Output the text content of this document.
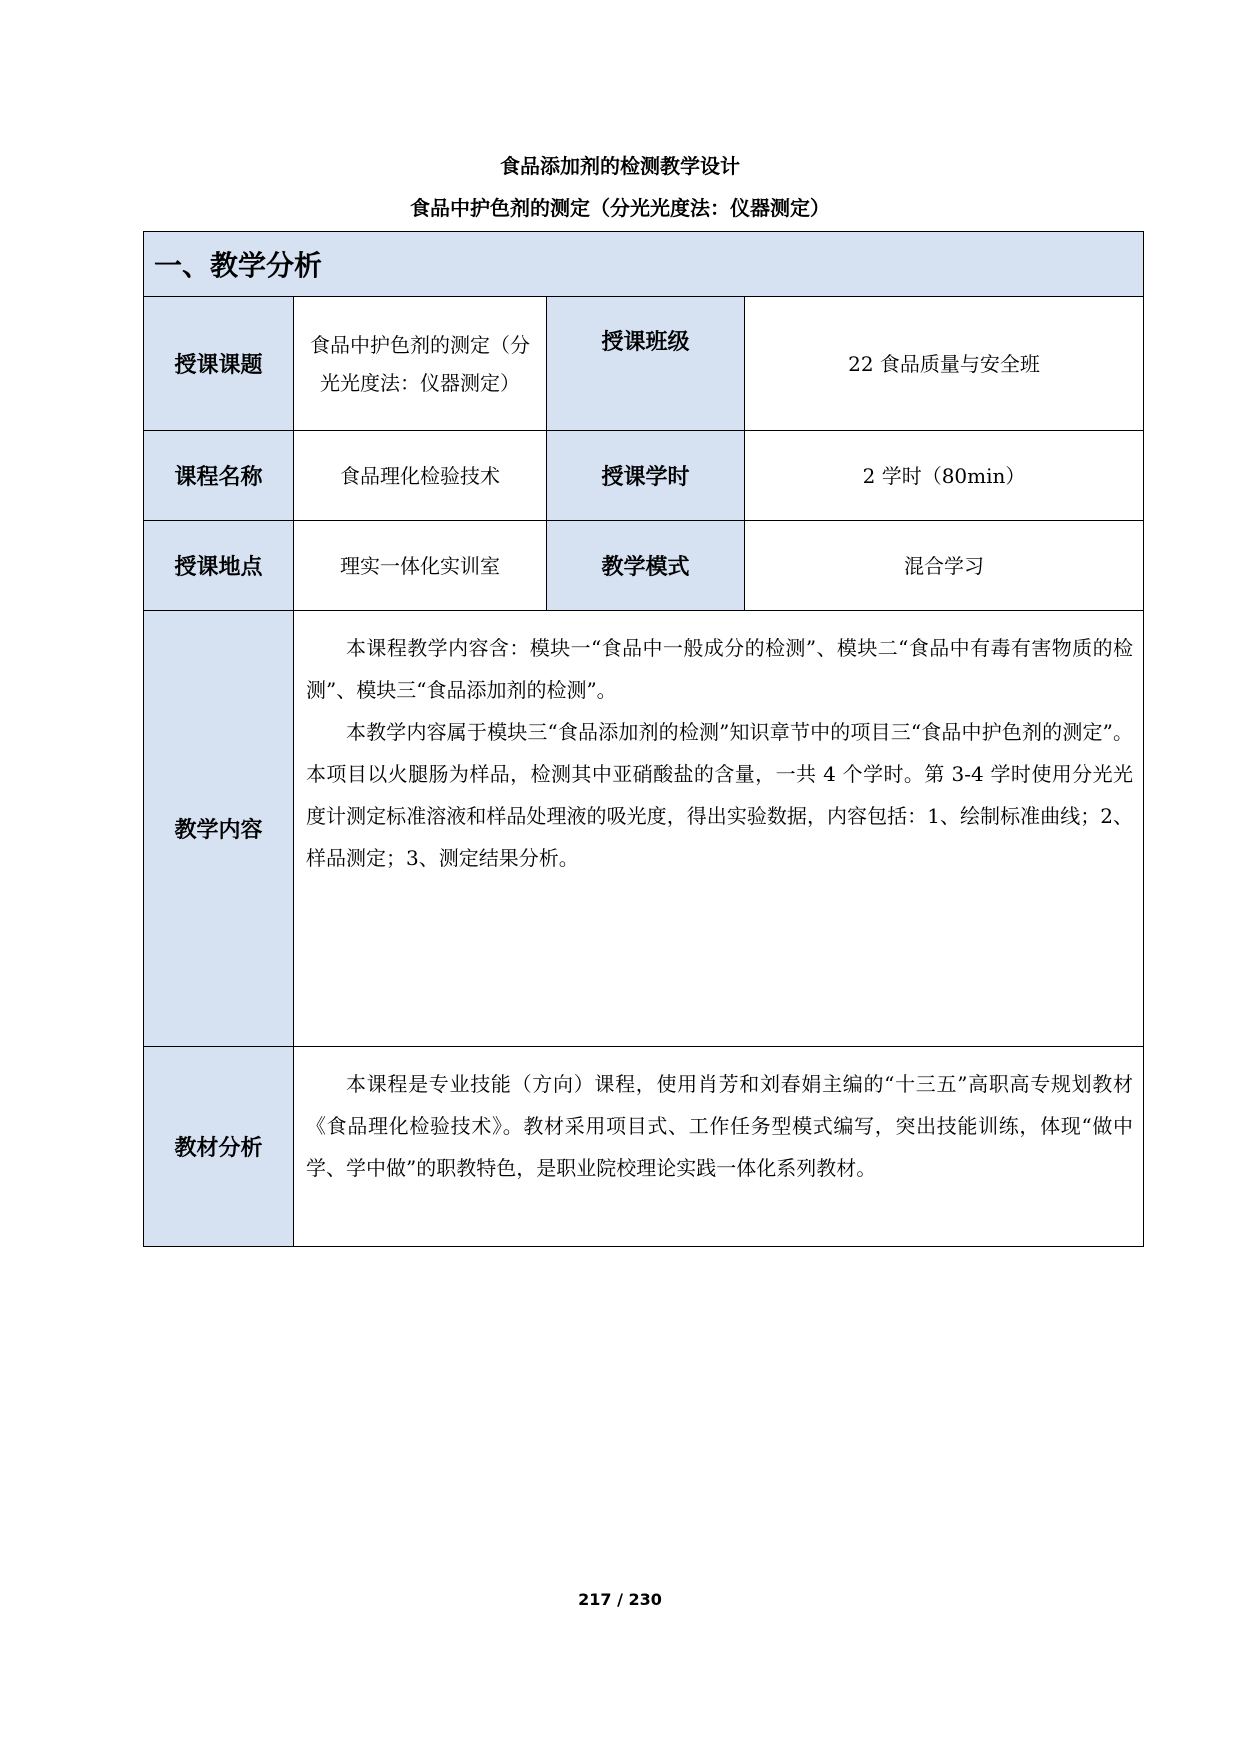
食品添加剂的检测教学设计
食品中护色剂的测定（分光光度法：仪器测定）
一、教学分析			
授课课题	食品中护色剂的测定（分光光度法：仪器测定）	授课班级	22 食品质量与安全班
课程名称	食品理化检验技术	授课学时	2 学时（80min）
授课地点	理实一体化实训室	教学模式	混合学习
教学内容	本课程教学内容含：模块一“食品中一般成分的检测”、模块二“食品中有毒有害物质的检测”、模块三“食品添加剂的检测”。

本教学内容属于模块三“食品添加剂的检测”知识章节中的项目三“食品中护色剂的测定”。本项目以火腿肠为样品，检测其中亚硝酸盐的含量，一共 4 个学时。第 3-4 学时使用分光光度计测定标准溶液和样品处理液的吸光度，得出实验数据，内容包括：1、绘制标准曲线；2、样品测定；3、测定结果分析。		

教材分析	本课程是专业技能（方向）课程，使用肖芳和刘春娟主编的“十三五”高职高专规划教材《食品理化检验技术》。教材采用项目式、工作任务型模式编写，突出技能训练，体现“做中学、学中做”的职教特色，是职业院校理论实践一体化系列教材。		

217 / 230
